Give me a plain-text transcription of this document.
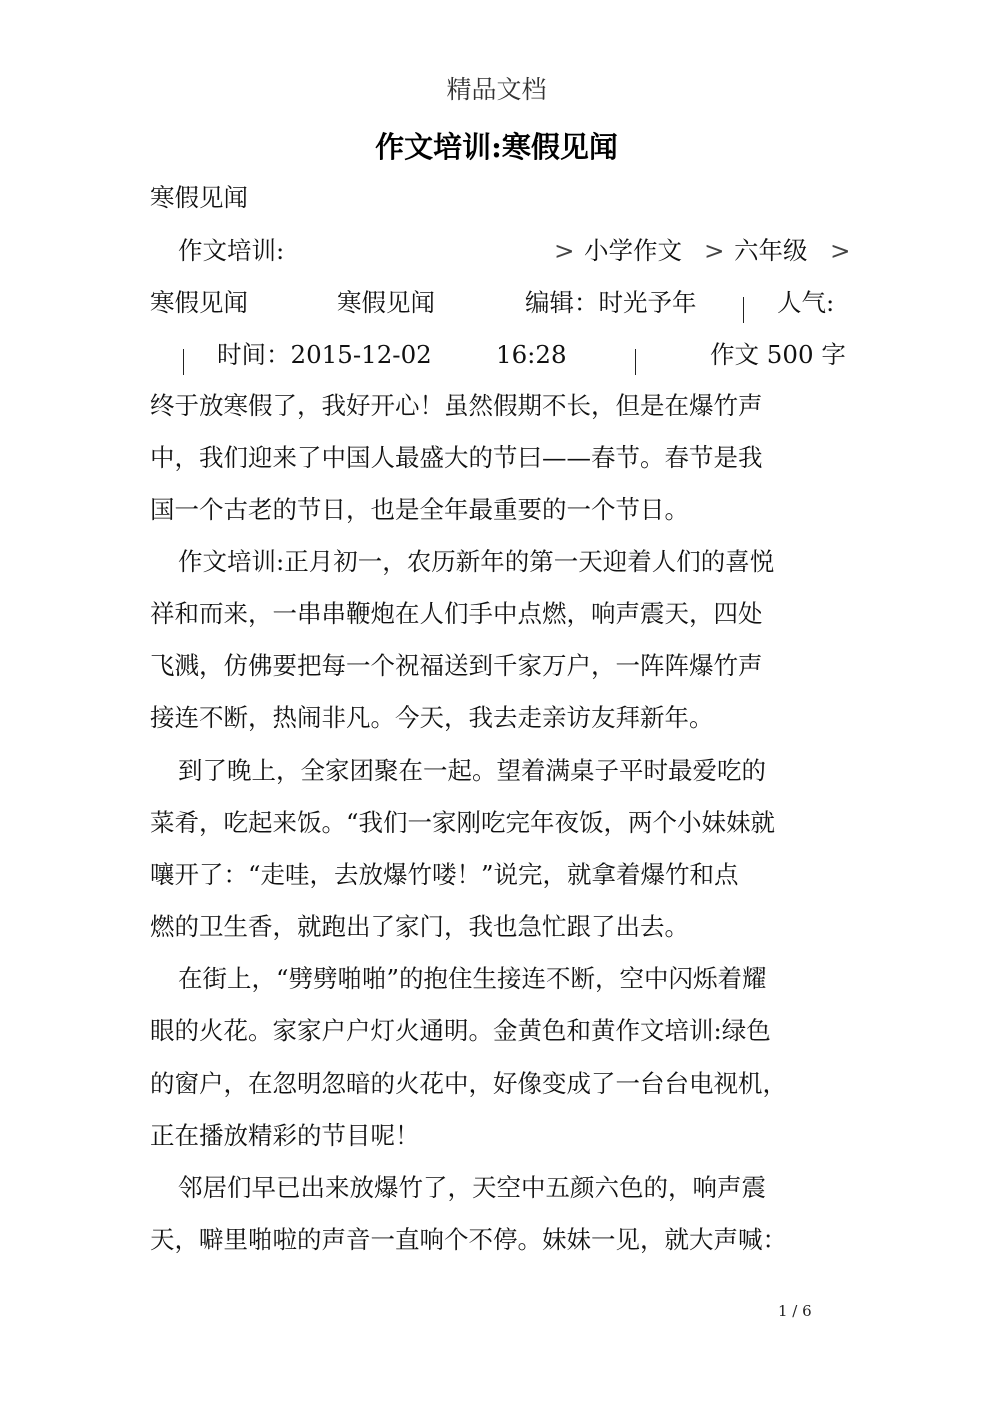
精品文档
作文培训:寒假见闻
寒假见闻
作文培训:	> 小学作文 > 六年级 >
寒假见闻	寒假见闻	编辑：时光予年	人气:
时间：2015-12-02	16:28	作文 500 字
终于放寒假了，我好开心！虽然假期不长，但是在爆竹声
中，我们迎来了中国人最盛大的节曰——春节。春节是我
国一个古老的节日，也是全年最重要的一个节日。
作文培训:正月初一，农历新年的第一天迎着人们的喜悦
祥和而来，一串串鞭炮在人们手中点燃，响声震天，四处
飞溅，仿佛要把每一个祝福送到千家万户，一阵阵爆竹声
接连不断，热闹非凡。今天，我去走亲访友拜新年。
到了晚上，全家团聚在一起。望着满桌子平时最爱吃的
菜肴，吃起来饭。“我们一家刚吃完年夜饭，两个小妹妹就
嚷开了：“走哇，去放爆竹喽！”说完，就拿着爆竹和点
燃的卫生香，就跑出了家门，我也急忙跟了出去。
在街上，“劈劈啪啪”的抱住生接连不断，空中闪烁着耀
眼的火花。家家户户灯火通明。金黄色和黄作文培训:绿色
的窗户，在忽明忽暗的火花中，好像变成了一台台电视机，
正在播放精彩的节目呢！
邻居们早已出来放爆竹了，天空中五颜六色的，响声震
天，噼里啪啦的声音一直响个不停。妹妹一见，就大声喊：
1 / 6
